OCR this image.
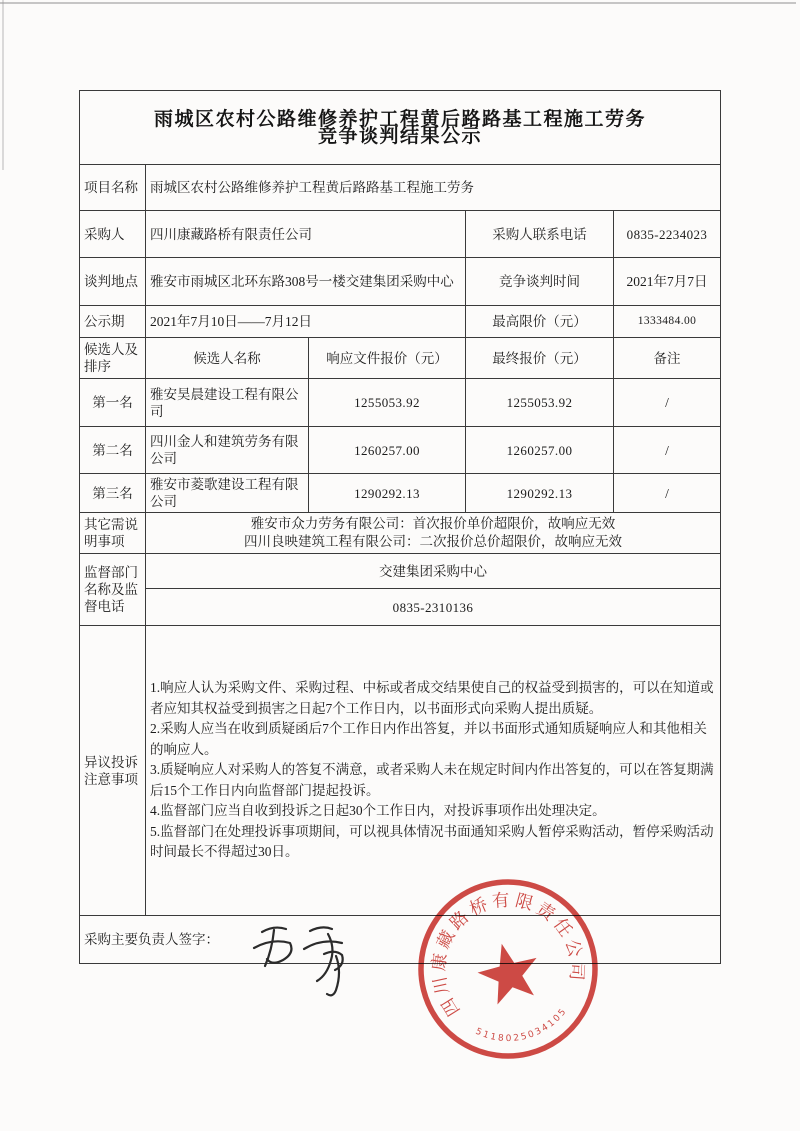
雨城区农村公路维修养护工程黄后路路基工程施工劳务
竞争谈判结果公示				

项目名称	雨城区农村公路维修养护工程黄后路路基工程施工劳务			
采购人	四川康藏路桥有限责任公司		采购人联系电话	0835-2234023
谈判地点	雅安市雨城区北环东路308号一楼交建集团采购中心		竞争谈判时间	2021年7月7日
公示期	2021年7月10日——7月12日		最高限价（元）	1333484.00
候选人及排序	候选人名称	响应文件报价（元）	最终报价（元）	备注
第一名	雅安昊晨建设工程有限公司	1255053.92	1255053.92	/
第二名	四川金人和建筑劳务有限公司	1260257.00	1260257.00	/
第三名	雅安市菱歌建设工程有限公司	1290292.13	1290292.13	/
其它需说明事项	雅安市众力劳务有限公司：首次报价单价超限价，故响应无效
四川良映建筑工程有限公司：二次报价总价超限价，故响应无效			

监督部门名称及监督电话	交建集团采购中心			
	0835-2310136			
异议投诉注意事项	1.响应人认为采购文件、采购过程、中标或者成交结果使自己的权益受到损害的，可以在知道或者应知其权益受到损害之日起7个工作日内，以书面形式向采购人提出质疑。
2.采购人应当在收到质疑函后7个工作日内作出答复，并以书面形式通知质疑响应人和其他相关的响应人。
3.质疑响应人对采购人的答复不满意，或者采购人未在规定时间内作出答复的，可以在答复期满后15个工作日内向监督部门提起投诉。
4.监督部门应当自收到投诉之日起30个工作日内，对投诉事项作出处理决定。
5.监督部门在处理投诉事项期间，可以视具体情况书面通知采购人暂停采购活动，暂停采购活动时间最长不得超过30日。			

采购主要负责人签字：				
四川康藏路桥有限责任公司
5118025034105
